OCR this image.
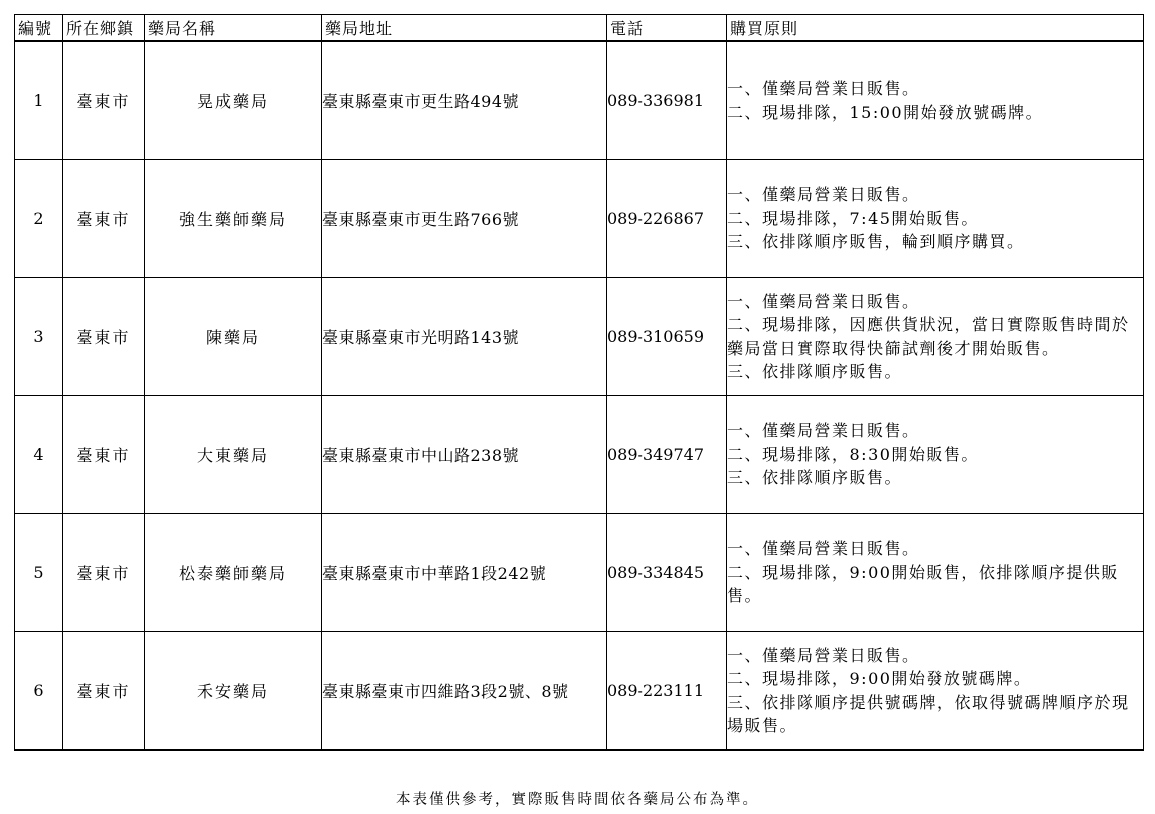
編號	所在鄉鎮	藥局名稱	藥局地址	電話	購買原則
1	臺東市	晃成藥局	臺東縣臺東市更生路494號	089-336981	一、僅藥局營業日販售。
二、現場排隊，15:00開始發放號碼牌。

2	臺東市	強生藥師藥局	臺東縣臺東市更生路766號	089-226867	一、僅藥局營業日販售。
二、現場排隊，7:45開始販售。
三、依排隊順序販售，輪到順序購買。

3	臺東市	陳藥局	臺東縣臺東市光明路143號	089-310659	一、僅藥局營業日販售。
二、現場排隊，因應供貨狀況，當日實際販售時間於藥局當日實際取得快篩試劑後才開始販售。
三、依排隊順序販售。

4	臺東市	大東藥局	臺東縣臺東市中山路238號	089-349747	一、僅藥局營業日販售。
二、現場排隊，8:30開始販售。
三、依排隊順序販售。

5	臺東市	松泰藥師藥局	臺東縣臺東市中華路1段242號	089-334845	一、僅藥局營業日販售。
二、現場排隊，9:00開始販售，依排隊順序提供販售。

6	臺東市	禾安藥局	臺東縣臺東市四維路3段2號、8號	089-223111	一、僅藥局營業日販售。
二、現場排隊，9:00開始發放號碼牌。
三、依排隊順序提供號碼牌，依取得號碼牌順序於現場販售。
本表僅供參考，實際販售時間依各藥局公布為準。
